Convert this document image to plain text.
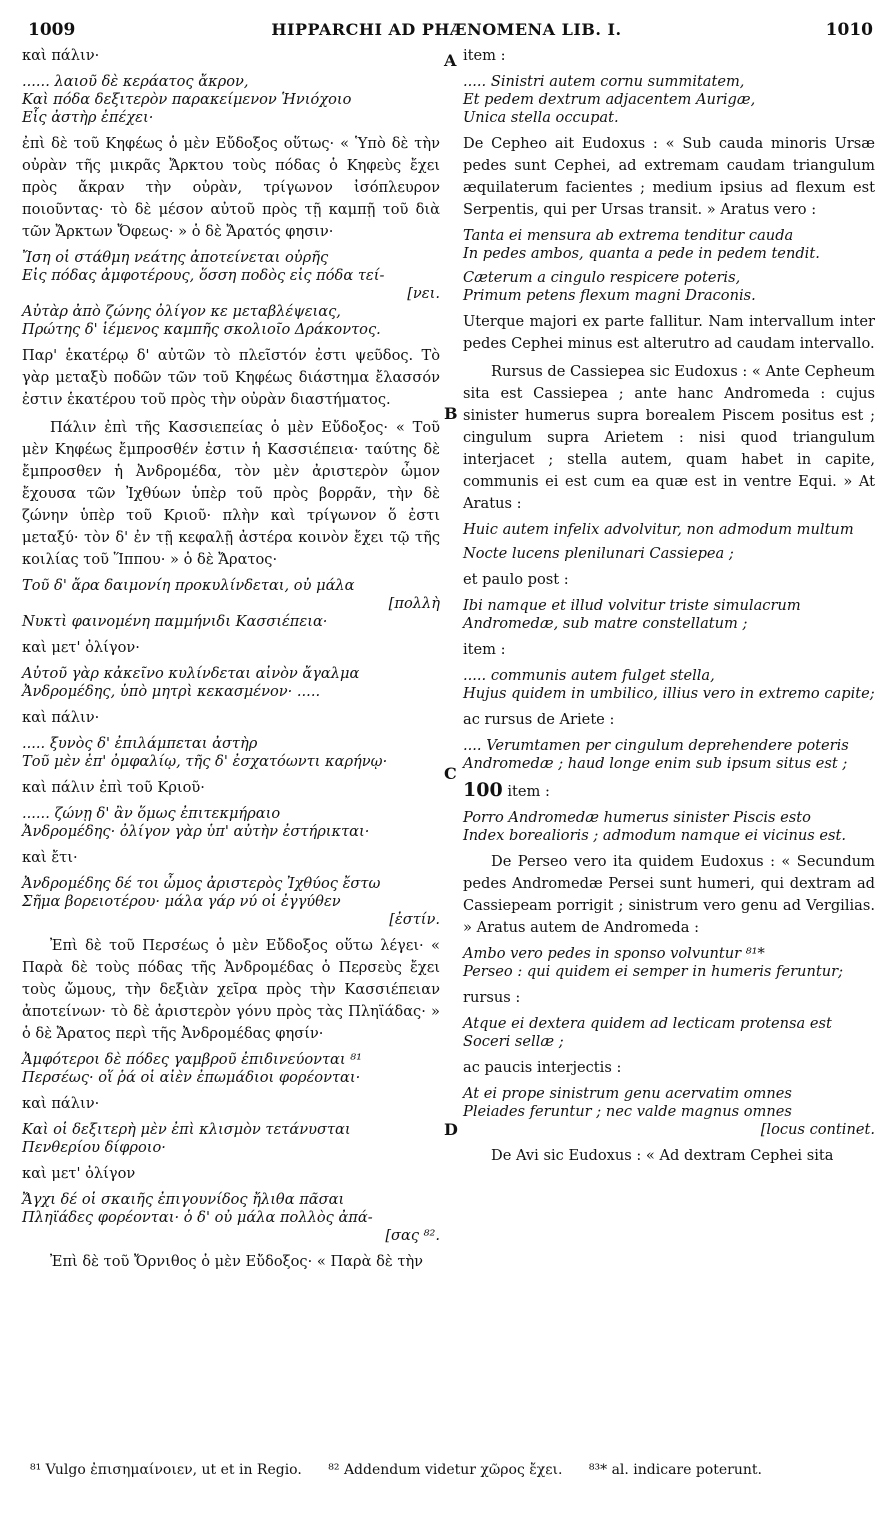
1009	HIPPARCHI AD PHÆNOMENA LIB. I.	1010
καὶ πάλιν·
...... λαιοῦ δὲ κεράατος ἄκρον,
Καὶ πόδα δεξιτερὸν παρακείμενον Ἡνιόχοιο
Εἷς ἀστὴρ ἐπέχει·
ἐπὶ δὲ τοῦ Κηφέως ὁ μὲν Εὔδοξος οὕτως· « Ὑπὸ δὲ τὴν οὐρὰν τῆς μικρᾶς Ἄρκτου τοὺς πόδας ὁ Κηφεὺς ἔχει πρὸς ἄκραν τὴν οὐρὰν, τρίγωνον ἰσόπλευρον ποιοῦντας· τὸ δὲ μέσον αὐτοῦ πρὸς τῇ καμπῇ τοῦ διὰ τῶν Ἄρκτων Ὄφεως· » ὁ δὲ Ἄρατός φησιν·
Ἴση οἱ στάθμη νεάτης ἀποτείνεται οὐρῆς
Εἰς πόδας ἀμφοτέρους, ὅσση ποδὸς εἰς πόδα τεί-
[νει.
Αὐτὰρ ἀπὸ ζώνης ὀλίγον κε μεταβλέψειας,
Πρώτης δ' ἱέμενος καμπῆς σκολιοῖο Δράκοντος.
Παρ' ἑκατέρῳ δ' αὐτῶν τὸ πλεῖστόν ἐστι ψεῦδος. Τὸ γὰρ μεταξὺ ποδῶν τῶν τοῦ Κηφέως διάστημα ἔλασσόν ἐστιν ἑκατέρου τοῦ πρὸς τὴν οὐρὰν διαστήματος.
Πάλιν ἐπὶ τῆς Κασσιεπείας ὁ μὲν Εὔδοξος· « Τοῦ μὲν Κηφέως ἔμπροσθέν ἐστιν ἡ Κασσιέπεια· ταύτης δὲ ἔμπροσθεν ἡ Ἀνδρομέδα, τὸν μὲν ἀριστερὸν ὦμον ἔχουσα τῶν Ἰχθύων ὑπὲρ τοῦ πρὸς βορρᾶν, τὴν δὲ ζώνην ὑπὲρ τοῦ Κριοῦ· πλὴν καὶ τρίγωνον ὅ ἐστι μεταξύ· τὸν δ' ἐν τῇ κεφαλῇ ἀστέρα κοινὸν ἔχει τῷ τῆς κοιλίας τοῦ Ἵππου· » ὁ δὲ Ἄρατος·
Τοῦ δ' ἄρα δαιμονίη προκυλίνδεται, οὐ μάλα
[πολλὴ
Νυκτὶ φαινομένη παμμήνιδι Κασσιέπεια·
καὶ μετ' ὀλίγον·
Αὐτοῦ γὰρ κἀκεῖνο κυλίνδεται αἰνὸν ἄγαλμα
Ἀνδρομέδης, ὑπὸ μητρὶ κεκασμένον· .....
καὶ πάλιν·
..... ξυνὸς δ' ἐπιλάμπεται ἀστὴρ
Τοῦ μὲν ἐπ' ὀμφαλίῳ, τῆς δ' ἐσχατόωντι καρήνῳ·
καὶ πάλιν ἐπὶ τοῦ Κριοῦ·
...... ζώνῃ δ' ἂν ὅμως ἐπιτεκμήραιο
Ἀνδρομέδης· ὀλίγον γὰρ ὑπ' αὐτὴν ἐστήρικται·
καὶ ἔτι·
Ἀνδρομέδης δέ τοι ὦμος ἀριστερὸς Ἰχθύος ἔστω
Σῆμα βορειοτέρου· μάλα γάρ νύ οἱ ἐγγύθεν
[ἐστίν.
Ἐπὶ δὲ τοῦ Περσέως ὁ μὲν Εὔδοξος οὕτω λέγει· « Παρὰ δὲ τοὺς πόδας τῆς Ἀνδρομέδας ὁ Περσεὺς ἔχει τοὺς ὤμους, τὴν δεξιὰν χεῖρα πρὸς τὴν Κασσιέπειαν ἀποτείνων· τὸ δὲ ἀριστερὸν γόνυ πρὸς τὰς Πληϊάδας· » ὁ δὲ Ἄρατος περὶ τῆς Ἀνδρομέδας φησίν·
Ἀμφότεροι δὲ πόδες γαμβροῦ ἐπιδινεύονται ⁸¹
Περσέως· οἵ ῥά οἱ αἰὲν ἐπωμάδιοι φορέονται·
καὶ πάλιν·
Καὶ οἱ δεξιτερὴ μὲν ἐπὶ κλισμὸν τετάνυσται
Πενθερίου δίφροιο·
καὶ μετ' ὀλίγον
Ἄγχι δέ οἱ σκαιῆς ἐπιγουνίδος ἤλιθα πᾶσαι
Πληϊάδες φορέονται· ὁ δ' οὐ μάλα πολλὸς ἀπά-
[σας ⁸².
Ἐπὶ δὲ τοῦ Ὄρνιθος ὁ μὲν Εὔδοξος· « Παρὰ δὲ τὴν
item :
..... Sinistri autem cornu summitatem,
Et pedem dextrum adjacentem Aurigæ,
Unica stella occupat.
De Cepheo ait Eudoxus : « Sub cauda minoris Ursæ pedes sunt Cephei, ad extremam caudam triangulum æquilaterum facientes ; medium ipsius ad flexum est Serpentis, qui per Ursas transit. » Aratus vero :
Tanta ei mensura ab extrema tenditur cauda
In pedes ambos, quanta a pede in pedem tendit.
Cæterum a cingulo respicere poteris,
Primum petens flexum magni Draconis.
Uterque majori ex parte fallitur. Nam intervallum inter pedes Cephei minus est alterutro ad caudam intervallo.
Rursus de Cassiepea sic Eudoxus : « Ante Cepheum sita est Cassiepea ; ante hanc Andromeda : cujus sinister humerus supra borealem Piscem positus est ; cingulum supra Arietem : nisi quod triangulum interjacet ; stella autem, quam habet in capite, communis ei est cum ea quæ est in ventre Equi. » At Aratus :
Huic autem infelix advolvitur, non admodum multum
Nocte lucens plenilunari Cassiepea ;
et paulo post :
Ibi namque et illud volvitur triste simulacrum
Andromedæ, sub matre constellatum ;
item :
..... communis autem fulget stella,
Hujus quidem in umbilico, illius vero in extremo capite;
ac rursus de Ariete :
.... Verumtamen per cingulum deprehendere poteris
Andromedæ ; haud longe enim sub ipsum situs est ;
100 item :
Porro Andromedæ humerus sinister Piscis esto
Index borealioris ; admodum namque ei vicinus est.
De Perseo vero ita quidem Eudoxus : « Secundum pedes Andromedæ Persei sunt humeri, qui dextram ad Cassiepeam porrigit ; sinistrum vero genu ad Vergilias. » Aratus autem de Andromeda :
Ambo vero pedes in sponso volvuntur ⁸¹*
Perseo : qui quidem ei semper in humeris feruntur;
rursus :
Atque ei dextera quidem ad lecticam protensa est
Soceri sellæ ;
ac paucis interjectis :
At ei prope sinistrum genu acervatim omnes
Pleiades feruntur ; nec valde magnus omnes
[locus continet.
De Avi sic Eudoxus : « Ad dextram Cephei sita
A
B
C
D
⁸¹ Vulgo ἐπισημαίνοιεν, ut et in Regio. ⁸² Addendum videtur χῶρος ἔχει. ⁸³* al. indicare poterunt.
